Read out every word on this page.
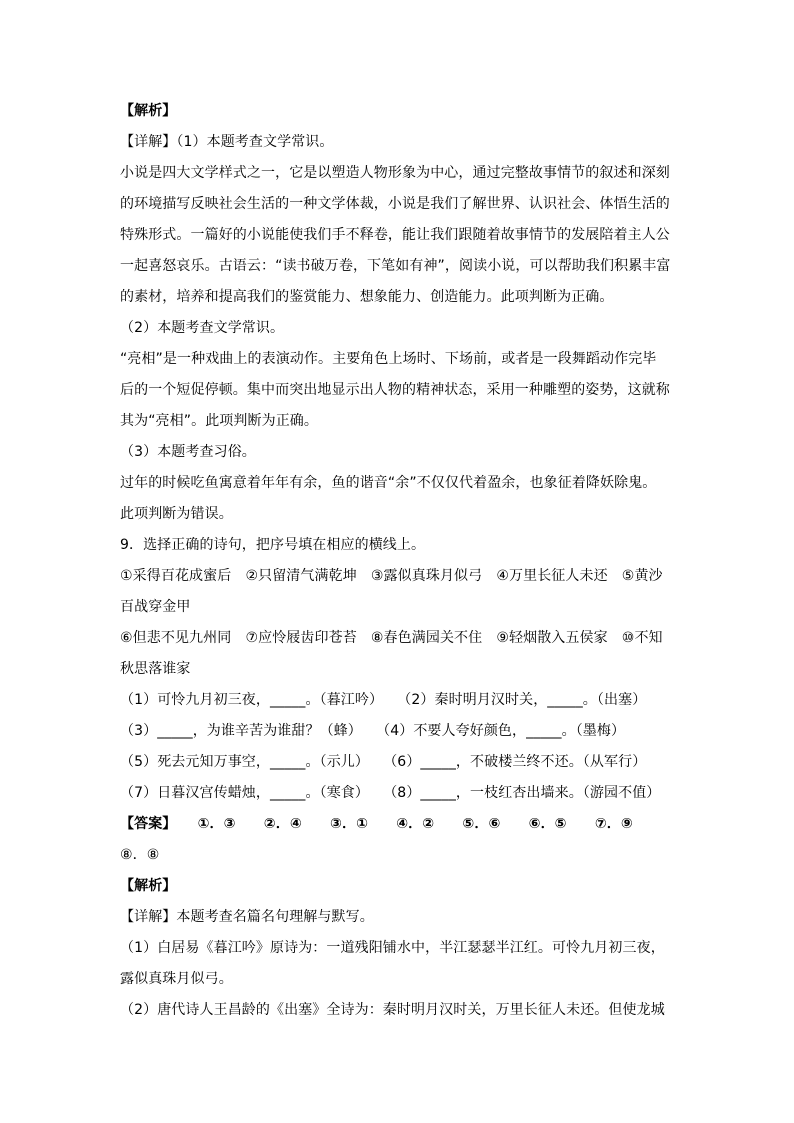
【解析】
【详解】（1）本题考查文学常识。
小说是四大文学样式之一，它是以塑造人物形象为中心，通过完整故事情节的叙述和深刻
的环境描写反映社会生活的一种文学体裁，小说是我们了解世界、认识社会、体悟生活的
特殊形式。一篇好的小说能使我们手不释卷，能让我们跟随着故事情节的发展陪着主人公
一起喜怒哀乐。古语云：“读书破万卷，下笔如有神”，阅读小说，可以帮助我们积累丰富
的素材，培养和提高我们的鉴赏能力、想象能力、创造能力。此项判断为正确。
（2）本题考查文学常识。
“亮相”是一种戏曲上的表演动作。主要角色上场时、下场前，或者是一段舞蹈动作完毕
后的一个短促停顿。集中而突出地显示出人物的精神状态，采用一种雕塑的姿势，这就称
其为“亮相”。此项判断为正确。
（3）本题考查习俗。
过年的时候吃鱼寓意着年年有余，鱼的谐音“余”不仅仅代着盈余，也象征着降妖除鬼。
此项判断为错误。
9．选择正确的诗句，把序号填在相应的横线上。
①采得百花成蜜后　②只留清气满乾坤　③露似真珠月似弓　④万里长征人未还　⑤黄沙
百战穿金甲
⑥但悲不见九州同　⑦应怜屐齿印苍苔　⑧春色满园关不住　⑨轻烟散入五侯家　⑩不知
秋思落谁家
（1）可怜九月初三夜，_____。（暮江吟）　　（2）秦时明月汉时关，_____。（出塞）
（3）_____，为谁辛苦为谁甜？（蜂）　　（4）不要人夸好颜色，_____。（墨梅）
（5）死去元知万事空，_____。（示儿）　　（6）_____，不破楼兰终不还。（从军行）
（7）日暮汉宫传蜡烛，_____。（寒食）　　（8）_____，一枝红杏出墙来。（游园不值）
【答案】　　①．③　　②．④　　③．①　　④．②　　⑤．⑥　　⑥．⑤　　⑦．⑨
⑧．⑧
【解析】
【详解】本题考查名篇名句理解与默写。
（1）白居易《暮江吟》原诗为：一道残阳铺水中，半江瑟瑟半江红。可怜九月初三夜，
露似真珠月似弓。
（2）唐代诗人王昌龄的《出塞》全诗为：秦时明月汉时关，万里长征人未还。但使龙城
